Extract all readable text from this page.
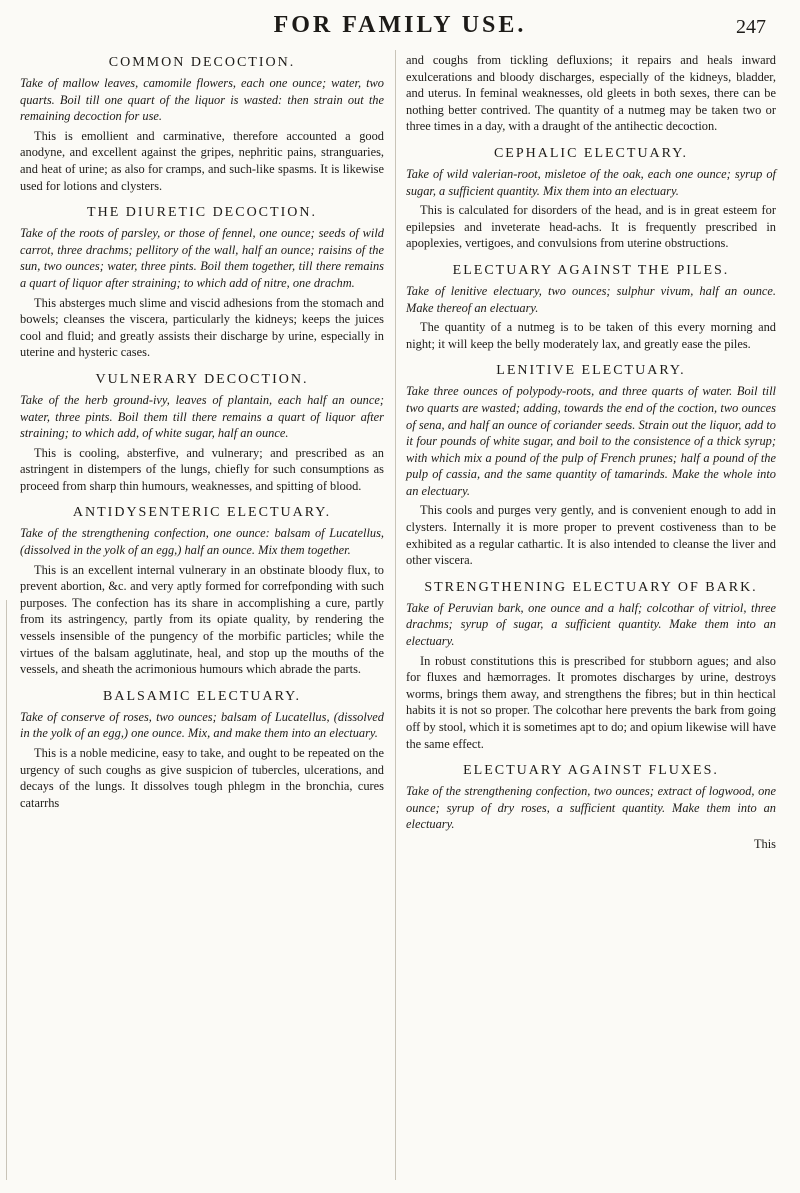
FOR FAMILY USE.	247
COMMON DECOCTION.

Take of mallow leaves, camomile flowers, each one ounce; water, two quarts. Boil till one quart of the liquor is wasted: then strain out the remaining decoction for use.

This is emollient and carminative, therefore accounted a good anodyne, and excellent against the gripes, nephritic pains, stranguaries, and heat of urine; as also for cramps, and such-like spasms. It is likewise used for lotions and clysters.

THE DIURETIC DECOCTION.

Take of the roots of parsley, or those of fennel, one ounce; seeds of wild carrot, three drachms; pellitory of the wall, half an ounce; raisins of the sun, two ounces; water, three pints. Boil them together, till there remains a quart of liquor after straining; to which add of nitre, one drachm.

This absterges much slime and viscid adhesions from the stomach and bowels; cleanses the viscera, particularly the kidneys; keeps the juices cool and fluid; and greatly assists their discharge by urine, especially in uterine and hysteric cases.

VULNERARY DECOCTION.

Take of the herb ground-ivy, leaves of plantain, each half an ounce; water, three pints. Boil them till there remains a quart of liquor after straining; to which add, of white sugar, half an ounce.

This is cooling, absterfive, and vulnerary; and prescribed as an astringent in distempers of the lungs, chiefly for such consumptions as proceed from sharp thin humours, weaknesses, and spitting of blood.

ANTIDYSENTERIC ELECTUARY.

Take of the strengthening confection, one ounce: balsam of Lucatellus, (dissolved in the yolk of an egg,) half an ounce. Mix them together.

This is an excellent internal vulnerary in an obstinate bloody flux, to prevent abortion, &c. and very aptly formed for correfponding with such purposes. The confection has its share in accomplishing a cure, partly from its astringency, partly from its opiate quality, by rendering the vessels insensible of the pungency of the morbific particles; while the virtues of the balsam agglutinate, heal, and stop up the mouths of the vessels, and sheath the acrimonious humours which abrade the parts.

BALSAMIC ELECTUARY.

Take of conserve of roses, two ounces; balsam of Lucatellus, (dissolved in the yolk of an egg,) one ounce. Mix, and make them into an electuary.

This is a noble medicine, easy to take, and ought to be repeated on the urgency of such coughs as give suspicion of tubercles, ulcerations, and decays of the lungs. It dissolves tough phlegm in the bronchia, cures catarrhs

and coughs from tickling defluxions; it repairs and heals inward exulcerations and bloody discharges, especially of the kidneys, bladder, and uterus. In feminal weaknesses, old gleets in both sexes, there can be nothing better contrived. The quantity of a nutmeg may be taken two or three times in a day, with a draught of the antihectic decoction.

CEPHALIC ELECTUARY.

Take of wild valerian-root, misletoe of the oak, each one ounce; syrup of sugar, a sufficient quantity. Mix them into an electuary.

This is calculated for disorders of the head, and is in great esteem for epilepsies and inveterate head-achs. It is frequently prescribed in apoplexies, vertigoes, and convulsions from uterine obstructions.

ELECTUARY AGAINST THE PILES.

Take of lenitive electuary, two ounces; sulphur vivum, half an ounce. Make thereof an electuary.

The quantity of a nutmeg is to be taken of this every morning and night; it will keep the belly moderately lax, and greatly ease the piles.

LENITIVE ELECTUARY.

Take three ounces of polypody-roots, and three quarts of water. Boil till two quarts are wasted; adding, towards the end of the coction, two ounces of sena, and half an ounce of coriander seeds. Strain out the liquor, add to it four pounds of white sugar, and boil to the consistence of a thick syrup; with which mix a pound of the pulp of French prunes; half a pound of the pulp of cassia, and the same quantity of tamarinds. Make the whole into an electuary.

This cools and purges very gently, and is convenient enough to add in clysters. Internally it is more proper to prevent costiveness than to be exhibited as a regular cathartic. It is also intended to cleanse the liver and other viscera.

STRENGTHENING ELECTUARY OF BARK.

Take of Peruvian bark, one ounce and a half; colcothar of vitriol, three drachms; syrup of sugar, a sufficient quantity. Make them into an electuary.

In robust constitutions this is prescribed for stubborn agues; and also for fluxes and hæmorrages. It promotes discharges by urine, destroys worms, brings them away, and strengthens the fibres; but in thin hectical habits it is not so proper. The colcothar here prevents the bark from going off by stool, which it is sometimes apt to do; and opium likewise will have the same effect.

ELECTUARY AGAINST FLUXES.

Take of the strengthening confection, two ounces; extract of logwood, one ounce; syrup of dry roses, a sufficient quantity. Make them into an electuary.

This
